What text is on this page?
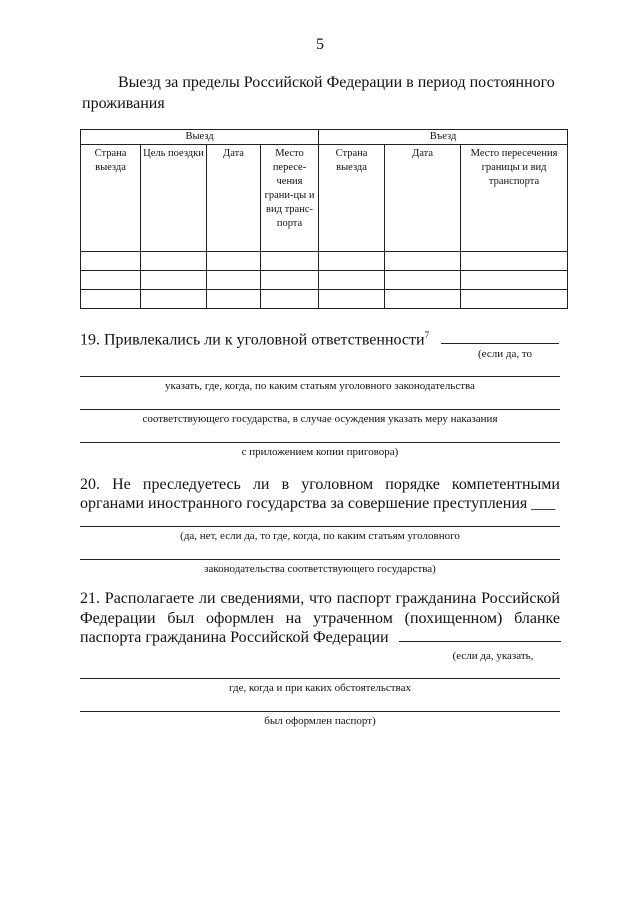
5
Выезд за пределы Российской Федерации в период постоянного проживания
Выезд				Въезд		
Страна выезда	Цель поездки	Дата	Место пересе-чения грани-цы и вид транс-порта	Страна выезда	Дата	Место пересечения границы и вид транспорта

19. Привлекались ли к уголовной ответственности$^7$
(если да, то
указать, где, когда, по каким статьям уголовного законодательства
соответствующего государства, в случае осуждения указать меру наказания
с приложением копии приговора)
20. Не преследуетесь ли в уголовном порядке компетентными
органами иностранного государства за совершение преступления ___
(да, нет, если да, то где, когда, по каким статьям уголовного
законодательства соответствующего государства)
21. Располагаете ли сведениями, что паспорт гражданина Российской
Федерации был оформлен на утраченном (похищенном) бланке
паспорта гражданина Российской Федерации
(если да, указать,
где, когда и при каких обстоятельствах
был оформлен паспорт)
